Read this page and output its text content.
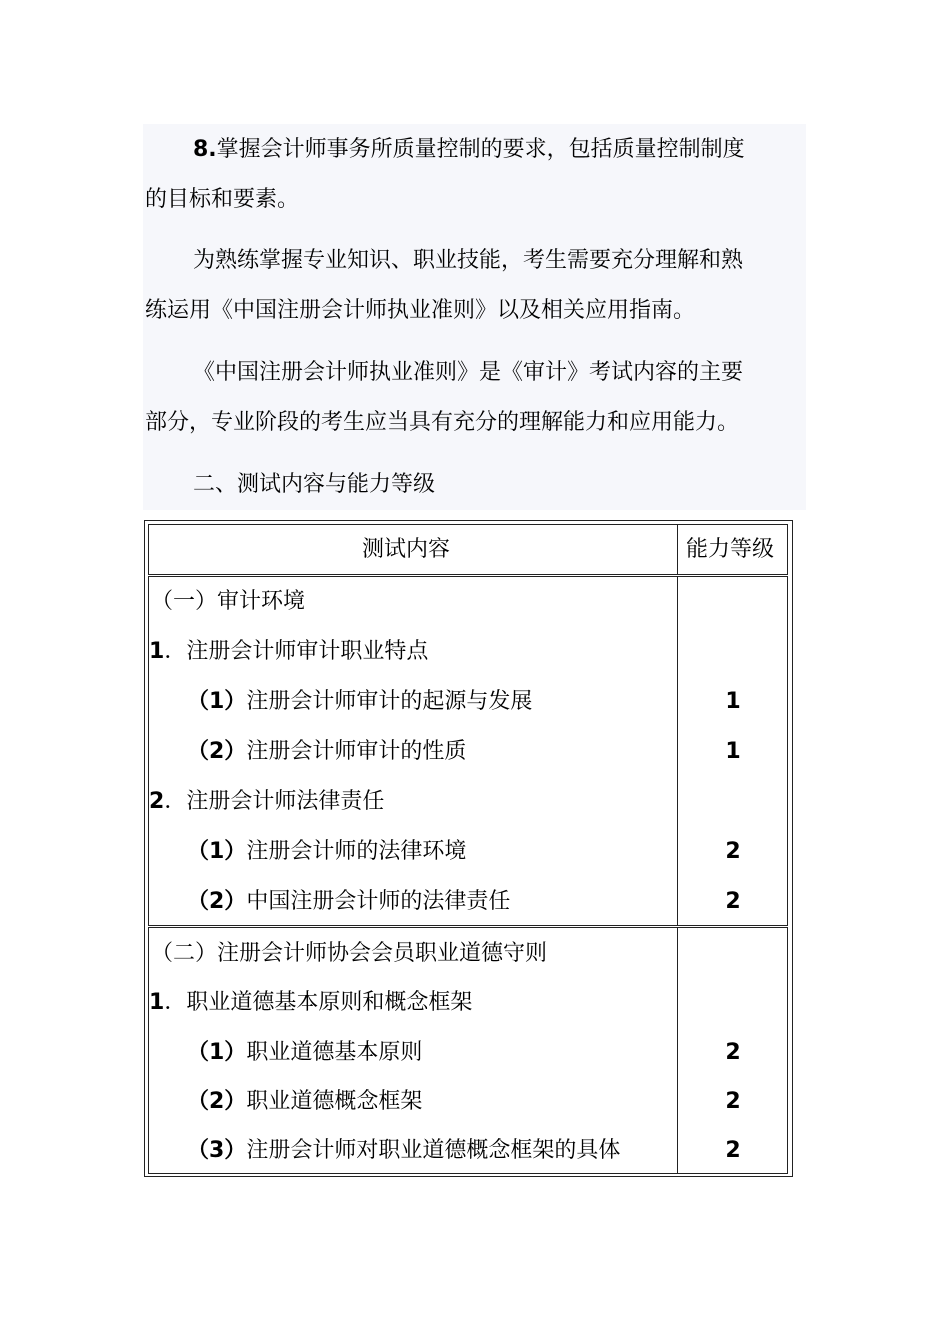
8.掌握会计师事务所质量控制的要求，包括质量控制制度
的目标和要素。
为熟练掌握专业知识、职业技能，考生需要充分理解和熟
练运用《中国注册会计师执业准则》以及相关应用指南。
《中国注册会计师执业准则》是《审计》考试内容的主要
部分，专业阶段的考生应当具有充分的理解能力和应用能力。
二、测试内容与能力等级
测试内容	能力等级
（一）审计环境
1．注册会计师审计职业特点
（1）注册会计师审计的起源与发展	1
（2）注册会计师审计的性质	1
2．注册会计师法律责任
（1）注册会计师的法律环境	2
（2）中国注册会计师的法律责任	2
（二）注册会计师协会会员职业道德守则
1．职业道德基本原则和概念框架
（1）职业道德基本原则	2
（2）职业道德概念框架	2
（3）注册会计师对职业道德概念框架的具体	2
